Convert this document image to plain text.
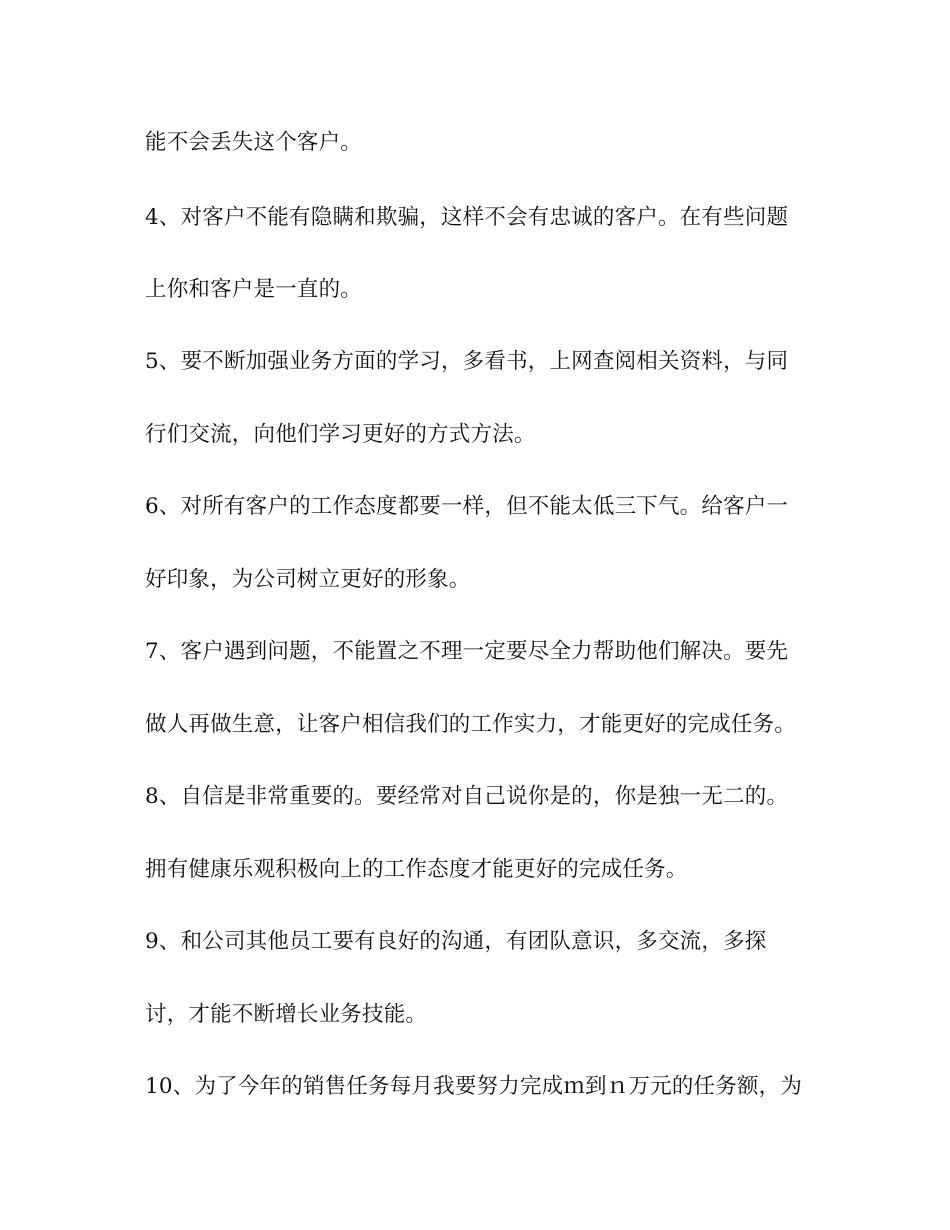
能不会丢失这个客户。

4、对客户不能有隐瞒和欺骗，这样不会有忠诚的客户。在有些问题

上你和客户是一直的。

5、要不断加强业务方面的学习，多看书，上网查阅相关资料，与同

行们交流，向他们学习更好的方式方法。

6、对所有客户的工作态度都要一样，但不能太低三下气。给客户一

好印象，为公司树立更好的形象。

7、客户遇到问题，不能置之不理一定要尽全力帮助他们解决。要先

做人再做生意，让客户相信我们的工作实力，才能更好的完成任务。

8、自信是非常重要的。要经常对自己说你是的，你是独一无二的。

拥有健康乐观积极向上的工作态度才能更好的完成任务。

9、和公司其他员工要有良好的沟通，有团队意识，多交流，多探

讨，才能不断增长业务技能。

10、为了今年的销售任务每月我要努力完成ｍ到ｎ万元的任务额，为
